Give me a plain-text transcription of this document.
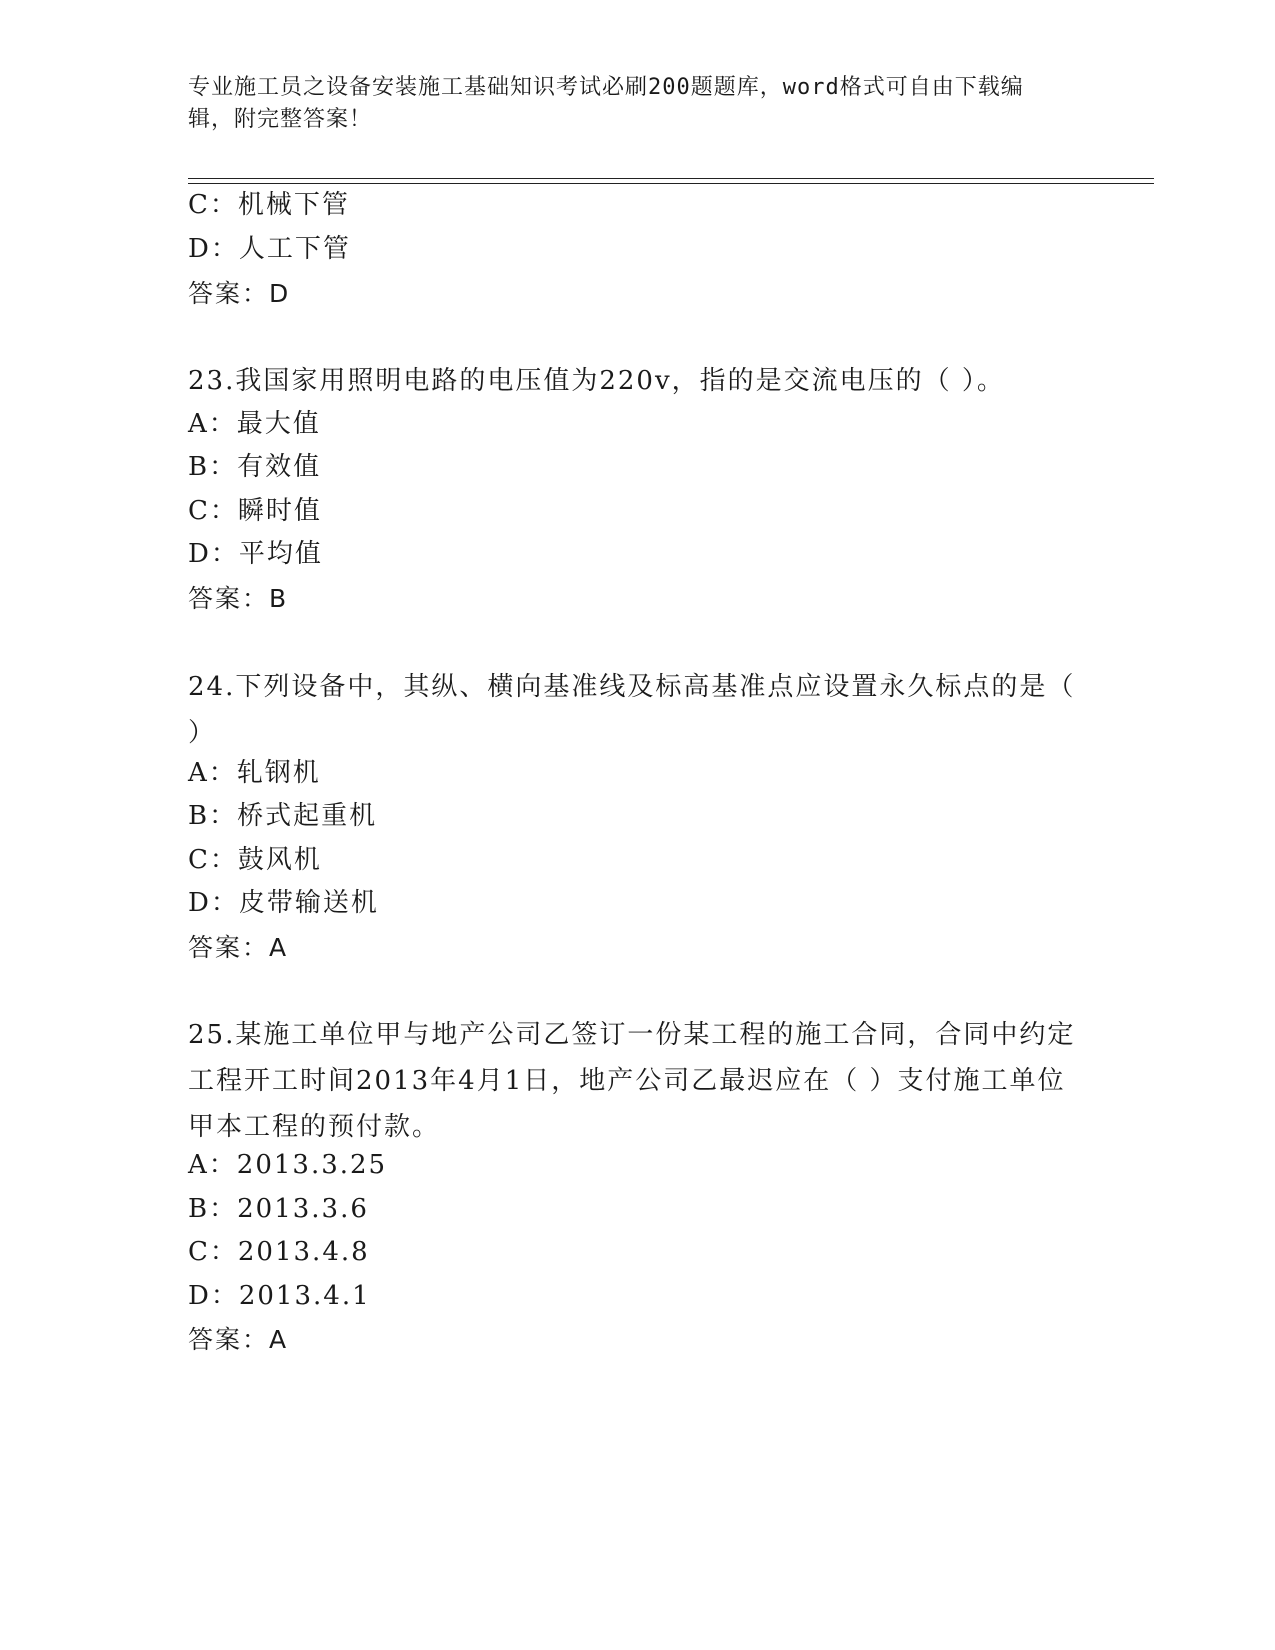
专业施工员之设备安装施工基础知识考试必刷200题题库，word格式可自由下载编辑，附完整答案！
C：机械下管
D：人工下管
答案：D
23.我国家用照明电路的电压值为220v，指的是交流电压的（ ）。
A：最大值
B：有效值
C：瞬时值
D：平均值
答案：B
24.下列设备中，其纵、横向基准线及标高基准点应设置永久标点的是（ ）
A：轧钢机
B：桥式起重机
C：鼓风机
D：皮带输送机
答案：A
25.某施工单位甲与地产公司乙签订一份某工程的施工合同，合同中约定工程开工时间2013年4月1日，地产公司乙最迟应在（ ）支付施工单位甲本工程的预付款。
A：2013.3.25
B：2013.3.6
C：2013.4.8
D：2013.4.1
答案：A
